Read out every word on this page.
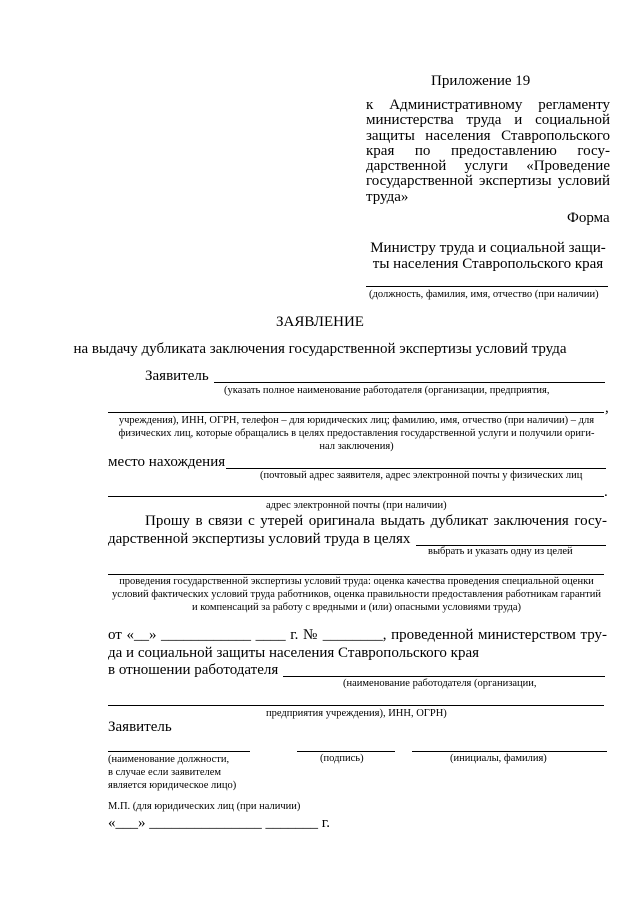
Приложение 19
к Административному регламенту
министерства труда и социальной
защиты населения Ставропольского
края по предоставлению госу-
дарственной услуги «Проведение
государственной экспертизы условий
труда»
Форма
Министру труда и социальной защи-
ты населения Ставропольского края
(должность, фамилия, имя, отчество (при наличии)
ЗАЯВЛЕНИЕ
на выдачу дубликата заключения государственной экспертизы условий труда
Заявитель
(указать полное наименование работодателя (организации, предприятия,
,
учреждения), ИНН, ОГРН, телефон – для юридических лиц; фамилию, имя, отчество (при наличии) – для
физических лиц, которые обращались в целях предоставления государственной услуги и получили ориги-
нал заключения)
место нахождения
(почтовый адрес заявителя, адрес электронной почты у физических лиц
.
адрес электронной почты (при наличии)
Прошу в связи с утерей оригинала выдать дубликат заключения госу-
дарственной экспертизы условий труда в целях
выбрать и указать одну из целей
проведения государственной экспертизы условий труда: оценка качества проведения специальной оценки
условий фактических условий труда работников, оценка правильности предоставления работникам гарантий
и компенсаций за работу с вредными и (или) опасными условиями труда)
от «__» ____________ ____ г. № ________, проведенной министерством тру-
да и социальной защиты населения Ставропольского края
в отношении работодателя
(наименование работодателя (организации,
предприятия учреждения), ИНН, ОГРН)
Заявитель
(наименование должности,
в случае если заявителем
является юридическое лицо)
(подпись)	(инициалы, фамилия)
М.П. (для юридических лиц (при наличии)
«___» _______________ _______ г.
